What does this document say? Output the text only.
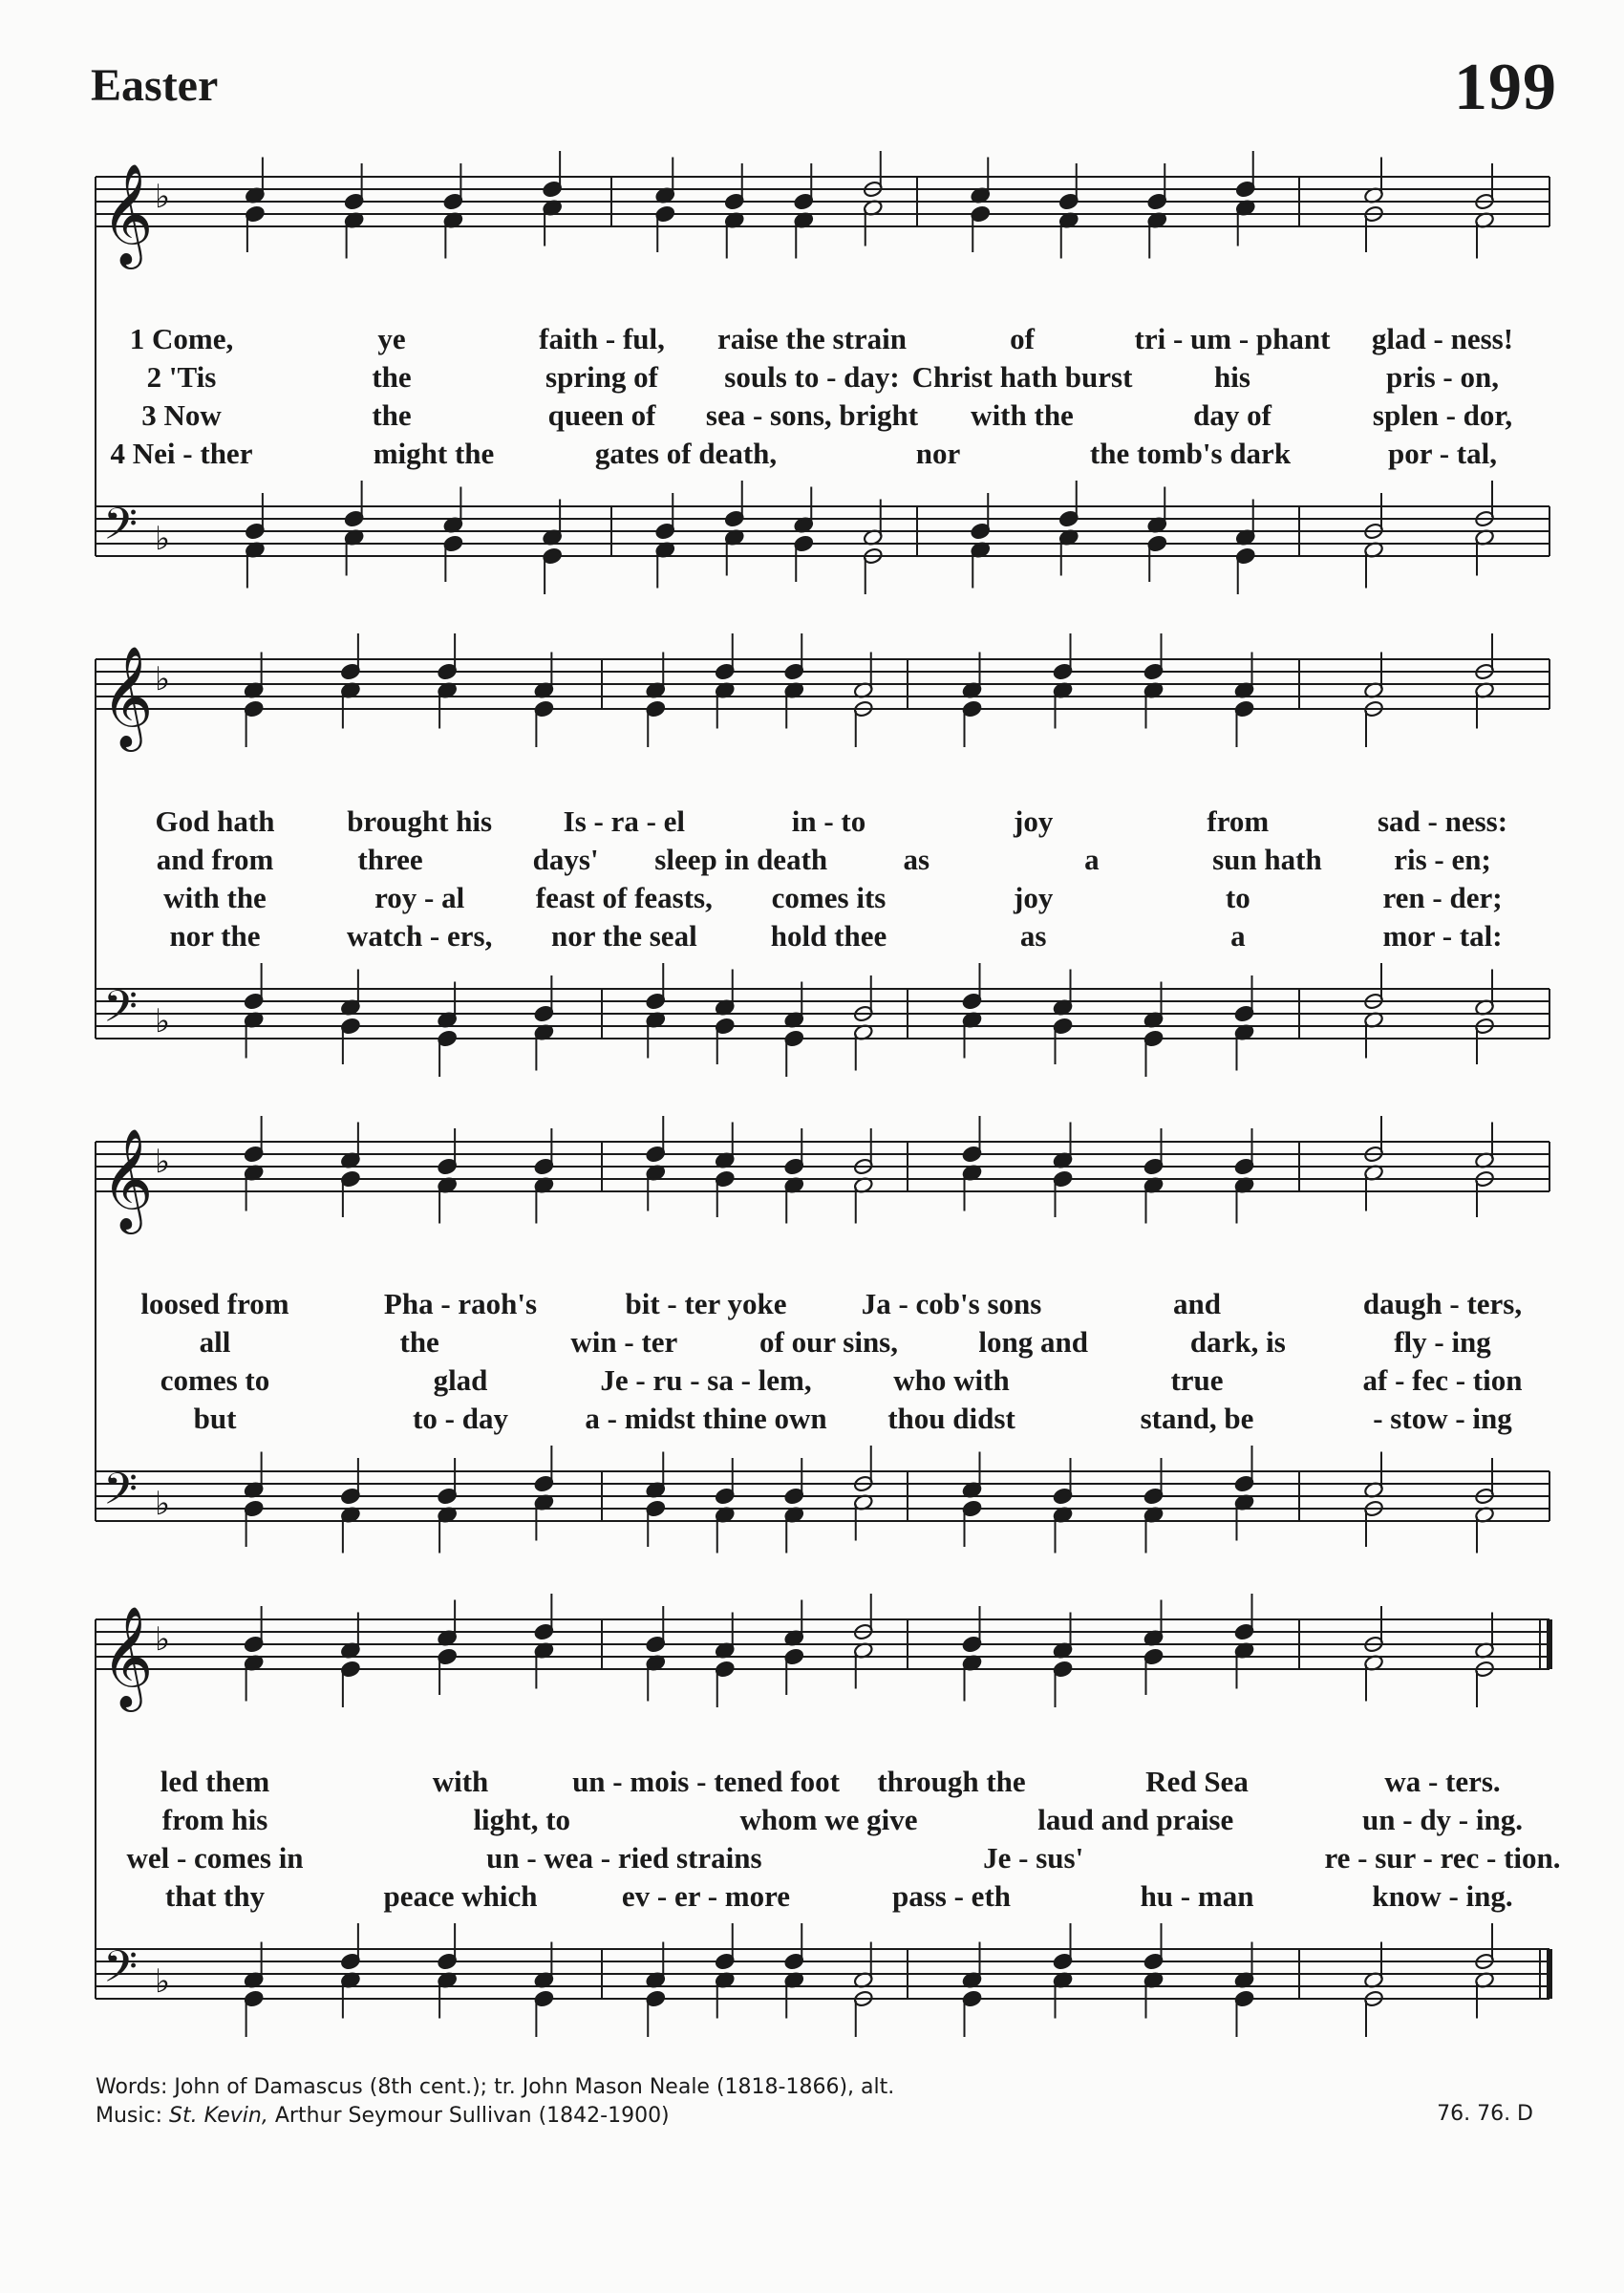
Easter	199
𝄞 ♭
𝄢 ♭
1 Come,	ye	faith - ful, raise the strain	of	tri - um - phant glad - ness!
2 'Tis	the	spring of souls to - day: Christ hath burst	his	pris - on,
3 Now	the	queen of sea - sons, bright with the	day of	splen - dor,
4 Nei - ther	might the	gates of death,	nor	the tomb's dark	por - tal,
𝄞 ♭
𝄢 ♭
God hath brought his Is - ra - el	in - to	joy	from	sad - ness:
and from	three	days' sleep in death	as	a	sun hath ris - en;
with the	roy - al feast of feasts, comes its	joy	to	ren - der;
nor the	watch - ers, nor the seal hold thee	as	a	mor - tal:
𝄞 ♭
𝄢 ♭
loosed from	Pha - raoh's	bit - ter yoke	Ja - cob's sons	and	daugh - ters,
all	the	win - ter	of our sins,	long and	dark, is	fly - ing
comes to	glad	Je - ru - sa - lem,	who with	true	af - fec - tion
but	to - day	a - midst thine own thou didst	stand, be	- stow - ing
𝄞 ♭
𝄢 ♭
led them	with	un - mois - tened foot through the	Red Sea	wa - ters.
from his	light, to	whom we give	laud and praise	un - dy - ing.
wel - comes in	un - wea - ried strains	Je - sus'	re - sur - rec - tion.
that thy	peace which	ev - er - more	pass - eth	hu - man	know - ing.
Words: John of Damascus (8th cent.); tr. John Mason Neale (1818-1866), alt.
Music: St. Kevin, Arthur Seymour Sullivan (1842-1900)	76. 76. D
